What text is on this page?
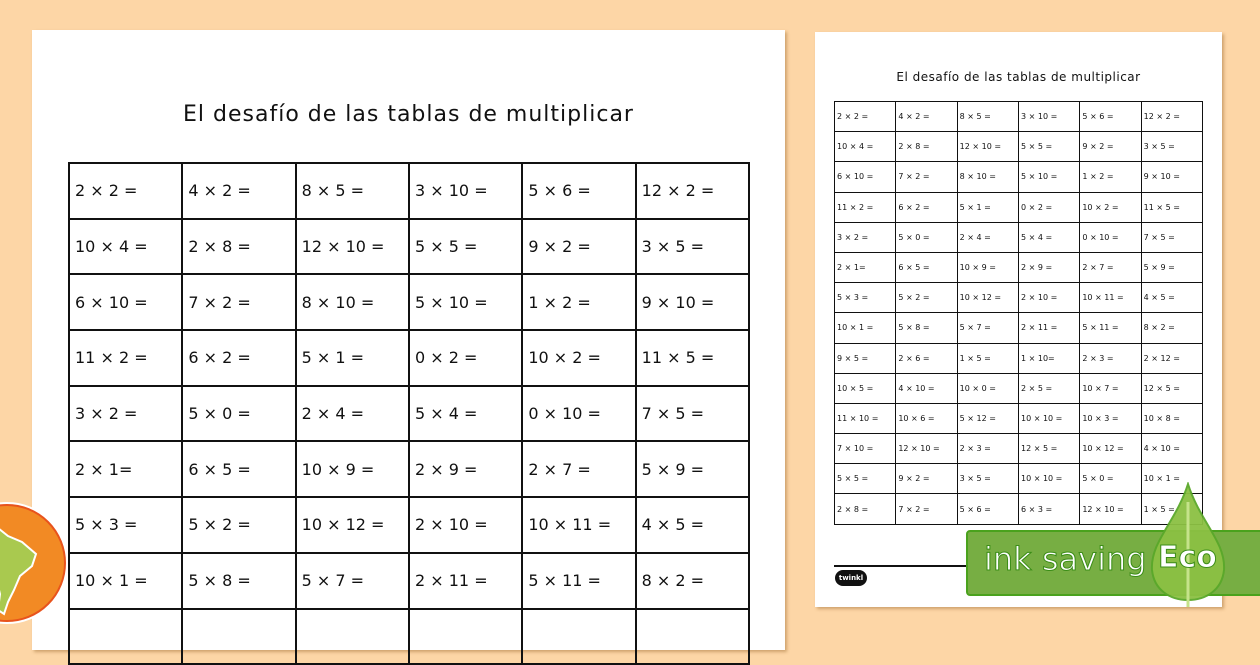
El desafío de las tablas de multiplicar
2 × 2 =	4 × 2 =	8 × 5 =	3 × 10 =	5 × 6 =	12 × 2 =
10 × 4 =	2 × 8 =	12 × 10 =	5 × 5 =	9 × 2 =	3 × 5 =
6 × 10 =	7 × 2 =	8 × 10 =	5 × 10 =	1 × 2 =	9 × 10 =
11 × 2 =	6 × 2 =	5 × 1 =	0 × 2 =	10 × 2 =	11 × 5 =
3 × 2 =	5 × 0 =	2 × 4 =	5 × 4 =	0 × 10 =	7 × 5 =
2 × 1=	6 × 5 =	10 × 9 =	2 × 9 =	2 × 7 =	5 × 9 =
5 × 3 =	5 × 2 =	10 × 12 =	2 × 10 =	10 × 11 =	4 × 5 =
10 × 1 =	5 × 8 =	5 × 7 =	2 × 11 =	5 × 11 =	8 × 2 =

El desafío de las tablas de multiplicar
2 × 2 =	4 × 2 =	8 × 5 =	3 × 10 =	5 × 6 =	12 × 2 =
10 × 4 =	2 × 8 =	12 × 10 =	5 × 5 =	9 × 2 =	3 × 5 =
6 × 10 =	7 × 2 =	8 × 10 =	5 × 10 =	1 × 2 =	9 × 10 =
11 × 2 =	6 × 2 =	5 × 1 =	0 × 2 =	10 × 2 =	11 × 5 =
3 × 2 =	5 × 0 =	2 × 4 =	5 × 4 =	0 × 10 =	7 × 5 =
2 × 1=	6 × 5 =	10 × 9 =	2 × 9 =	2 × 7 =	5 × 9 =
5 × 3 =	5 × 2 =	10 × 12 =	2 × 10 =	10 × 11 =	4 × 5 =
10 × 1 =	5 × 8 =	5 × 7 =	2 × 11 =	5 × 11 =	8 × 2 =
9 × 5 =	2 × 6 =	1 × 5 =	1 × 10=	2 × 3 =	2 × 12 =
10 × 5 =	4 × 10 =	10 × 0 =	2 × 5 =	10 × 7 =	12 × 5 =
11 × 10 =	10 × 6 =	5 × 12 =	10 × 10 =	10 × 3 =	10 × 8 =
7 × 10 =	12 × 10 =	2 × 3 =	12 × 5 =	10 × 12 =	4 × 10 =
5 × 5 =	9 × 2 =	3 × 5 =	10 × 10 =	5 × 0 =	10 × 1 =
2 × 8 =	7 × 2 =	5 × 6 =	6 × 3 =	12 × 10 =	1 × 5 =
twinkl	ink saving Eco
